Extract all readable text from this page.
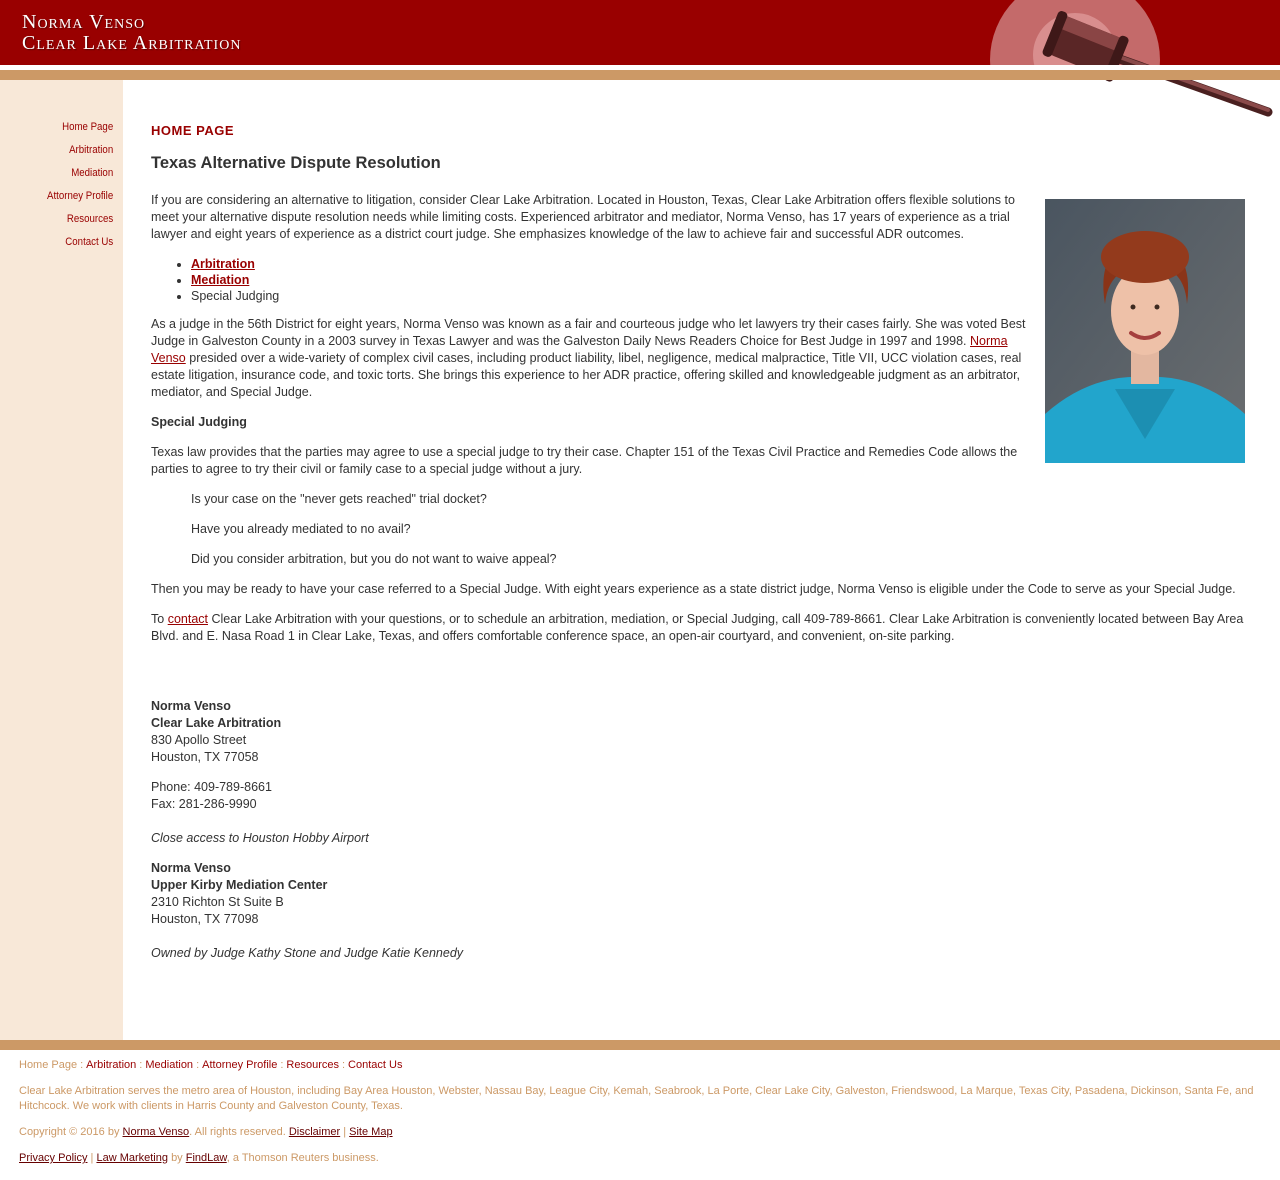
Norma Venso
Clear Lake Arbitration
Home Page
Arbitration
Mediation
Attorney Profile
Resources
Contact Us
HOME PAGE
Texas Alternative Dispute Resolution

If you are considering an alternative to litigation, consider Clear Lake Arbitration. Located in Houston, Texas, Clear Lake Arbitration offers flexible solutions to meet your alternative dispute resolution needs while limiting costs. Experienced arbitrator and mediator, Norma Venso, has 17 years of experience as a trial lawyer and eight years of experience as a district court judge. She emphasizes knowledge of the law to achieve fair and successful ADR outcomes.

• Arbitration
• Mediation
• Special Judging

As a judge in the 56th District for eight years, Norma Venso was known as a fair and courteous judge who let lawyers try their cases fairly. She was voted Best Judge in Galveston County in a 2003 survey in Texas Lawyer and was the Galveston Daily News Readers Choice for Best Judge in 1997 and 1998. Norma Venso presided over a wide-variety of complex civil cases, including product liability, libel, negligence, medical malpractice, Title VII, UCC violation cases, real estate litigation, insurance code, and toxic torts. She brings this experience to her ADR practice, offering skilled and knowledgeable judgment as an arbitrator, mediator, and Special Judge.

Special Judging

Texas law provides that the parties may agree to use a special judge to try their case. Chapter 151 of the Texas Civil Practice and Remedies Code allows the parties to agree to try their civil or family case to a special judge without a jury.

Is your case on the "never gets reached" trial docket?

Have you already mediated to no avail?

Did you consider arbitration, but you do not want to waive appeal?

Then you may be ready to have your case referred to a Special Judge. With eight years experience as a state district judge, Norma Venso is eligible under the Code to serve as your Special Judge.

To contact Clear Lake Arbitration with your questions, or to schedule an arbitration, mediation, or Special Judging, call 409-789-8661. Clear Lake Arbitration is conveniently located between Bay Area Blvd. and E. Nasa Road 1 in Clear Lake, Texas, and offers comfortable conference space, an open-air courtyard, and convenient, on-site parking.

Norma Venso

Clear Lake Arbitration

830 Apollo Street

Houston, TX 77058

Phone: 409-789-8661

Fax: 281-286-9990

Close access to Houston Hobby Airport

Norma Venso

Upper Kirby Mediation Center

2310 Richton St Suite B

Houston, TX 77098

Owned by Judge Kathy Stone and Judge Katie Kennedy

Home Page : Arbitration : Mediation : Attorney Profile : Resources : Contact Us

Clear Lake Arbitration serves the metro area of Houston, including Bay Area Houston, Webster, Nassau Bay, League City, Kemah, Seabrook, La Porte, Clear Lake City, Galveston, Friendswood, La Marque, Texas City, Pasadena, Dickinson, Santa Fe, and Hitchcock. We work with clients in Harris County and Galveston County, Texas.

Copyright © 2016 by Norma Venso. All rights reserved. Disclaimer | Site Map

Privacy Policy | Law Marketing by FindLaw, a Thomson Reuters business.
